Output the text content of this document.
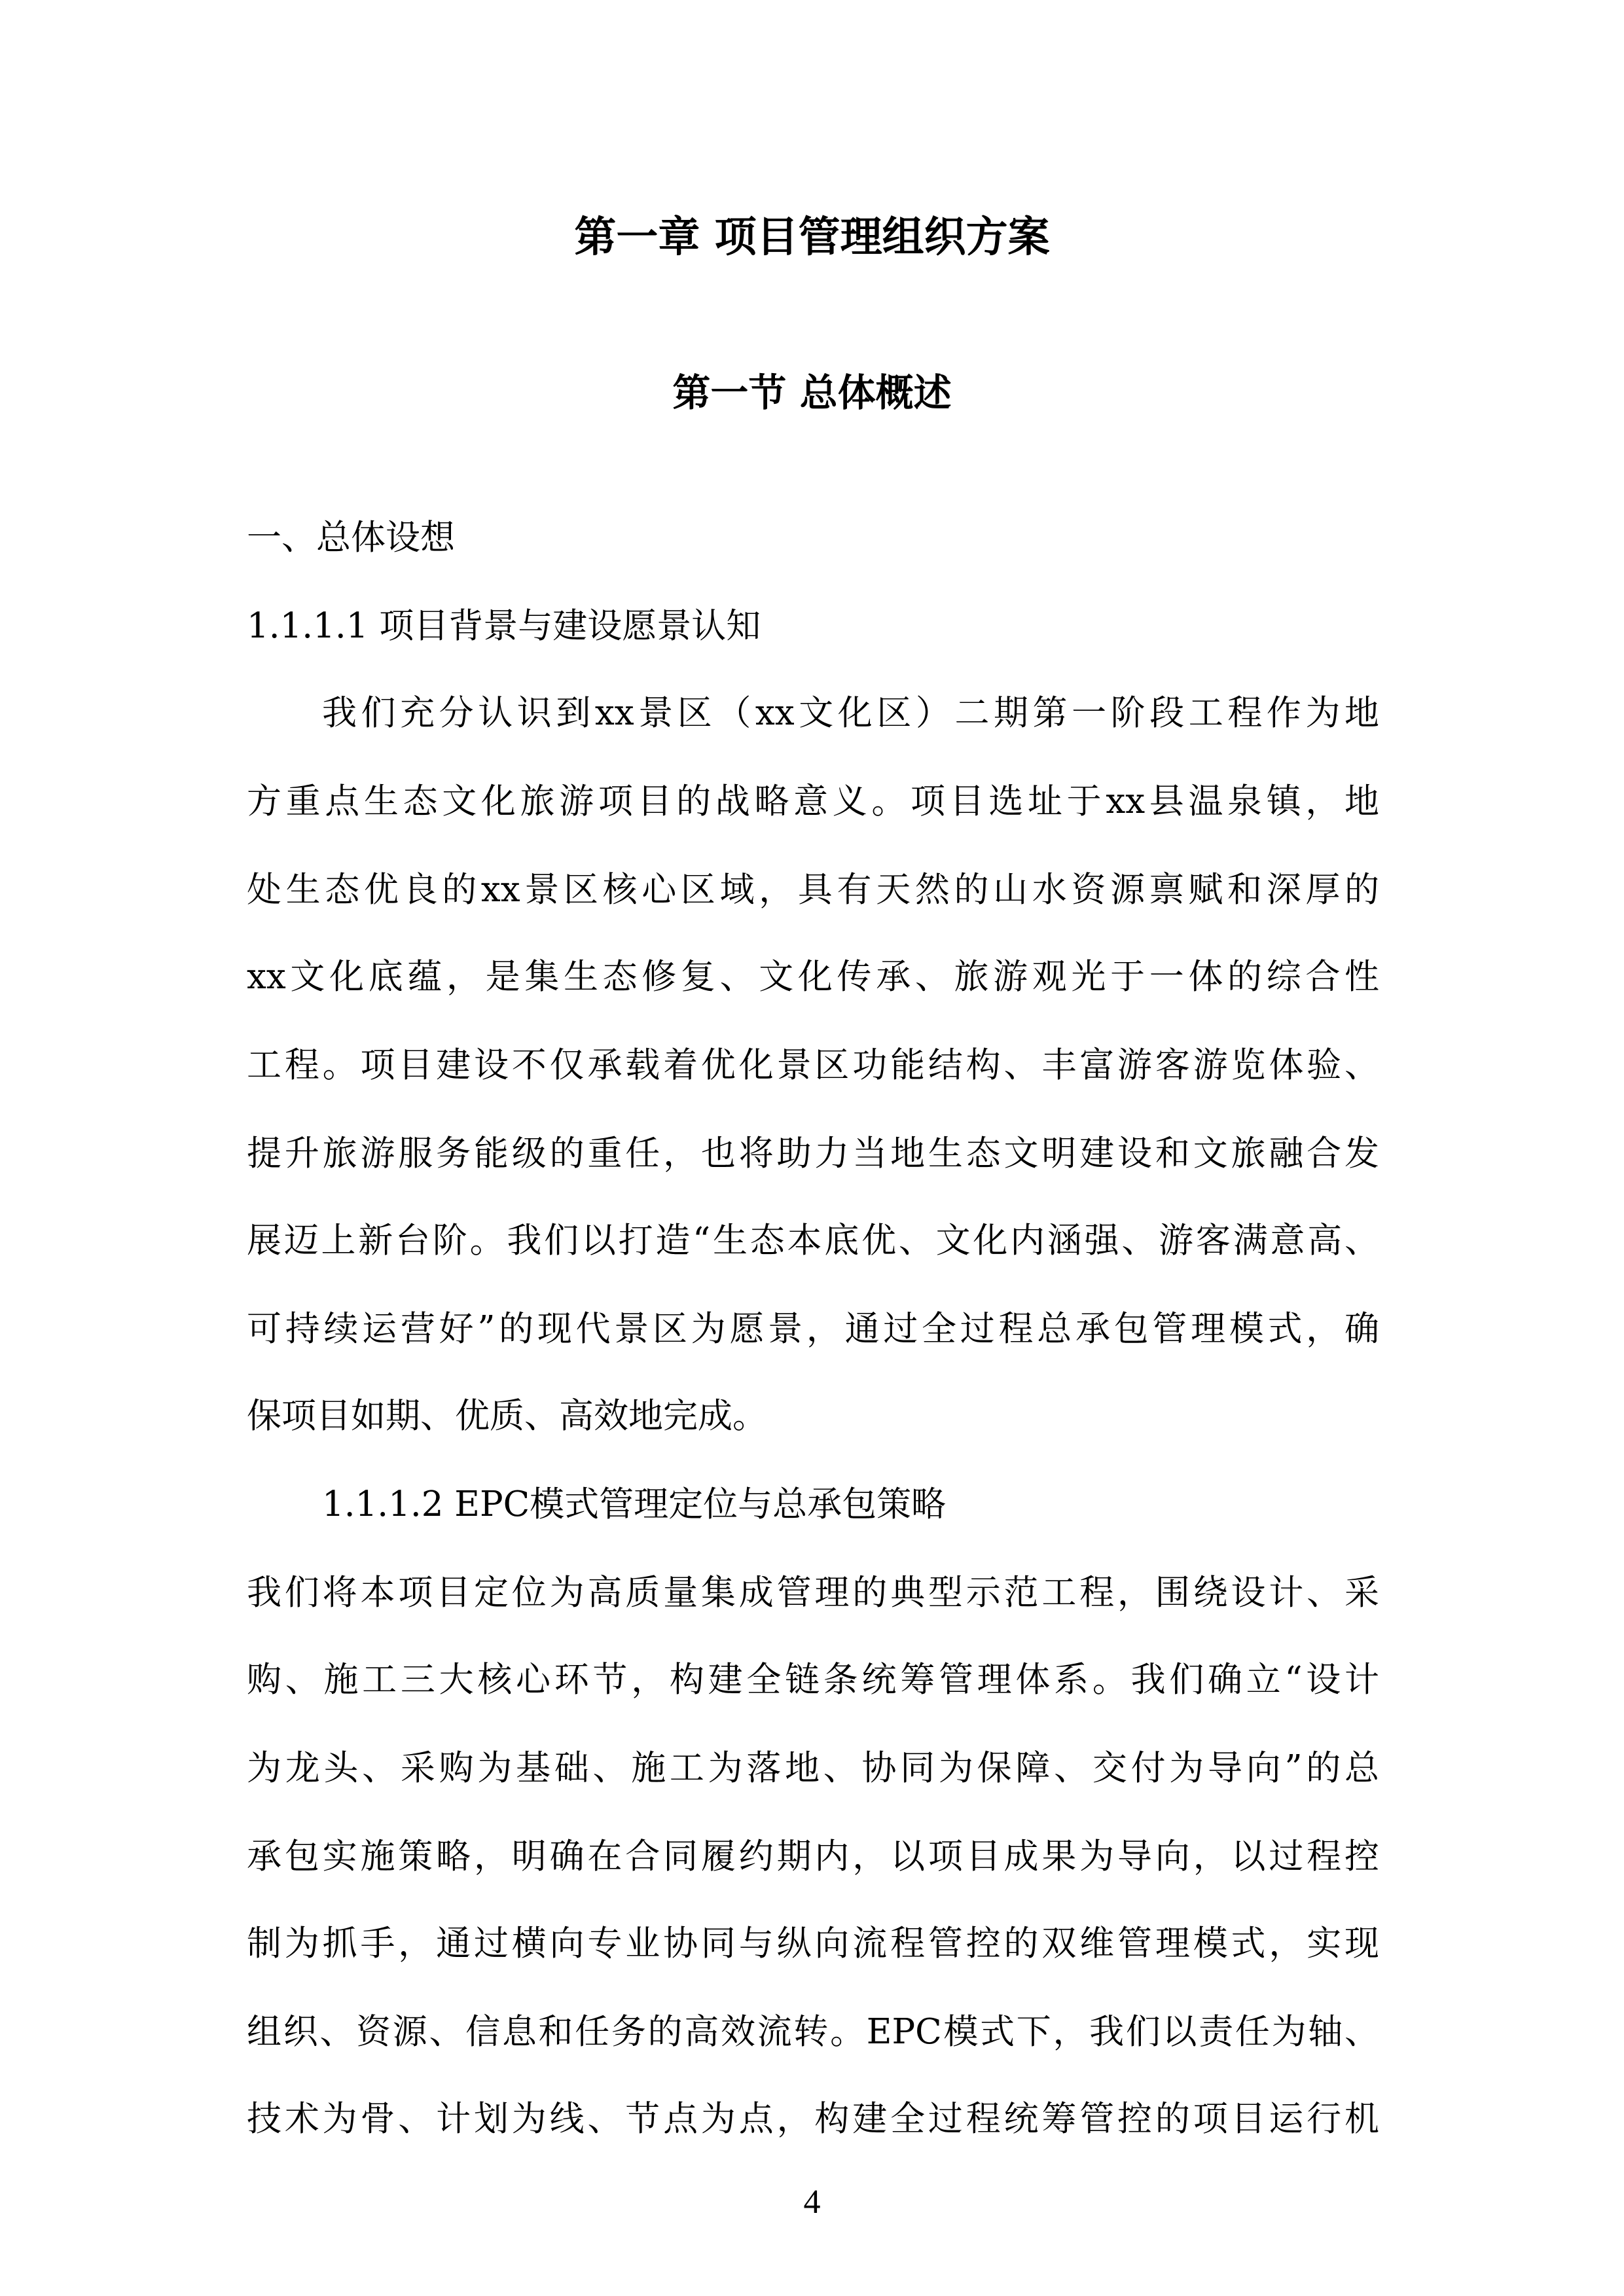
第一章 项目管理组织方案
第一节 总体概述
一、总体设想
1.1.1.1 项目背景与建设愿景认知
我们充分认识到xx景区（xx文化区）二期第一阶段工程作为地
方重点生态文化旅游项目的战略意义。项目选址于xx县温泉镇，地
处生态优良的xx景区核心区域，具有天然的山水资源禀赋和深厚的
xx文化底蕴，是集生态修复、文化传承、旅游观光于一体的综合性
工程。项目建设不仅承载着优化景区功能结构、丰富游客游览体验、
提升旅游服务能级的重任，也将助力当地生态文明建设和文旅融合发
展迈上新台阶。我们以打造“生态本底优、文化内涵强、游客满意高、
可持续运营好”的现代景区为愿景，通过全过程总承包管理模式，确
保项目如期、优质、高效地完成。
1.1.1.2 EPC模式管理定位与总承包策略
我们将本项目定位为高质量集成管理的典型示范工程，围绕设计、采
购、施工三大核心环节，构建全链条统筹管理体系。我们确立“设计
为龙头、采购为基础、施工为落地、协同为保障、交付为导向”的总
承包实施策略，明确在合同履约期内，以项目成果为导向，以过程控
制为抓手，通过横向专业协同与纵向流程管控的双维管理模式，实现
组织、资源、信息和任务的高效流转。EPC模式下，我们以责任为轴、
技术为骨、计划为线、节点为点，构建全过程统筹管控的项目运行机
4
